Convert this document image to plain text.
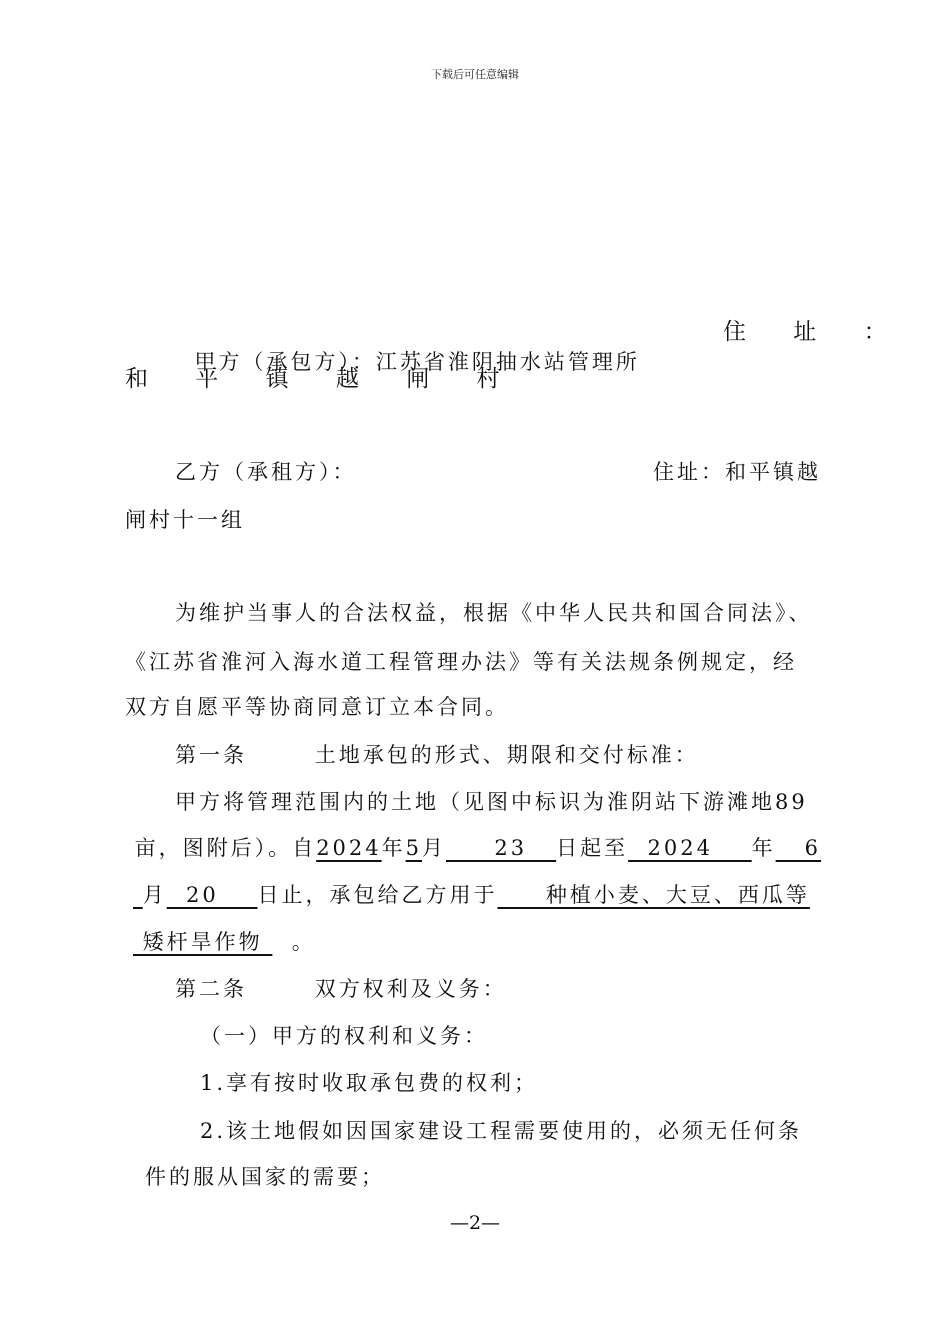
下载后可任意编辑

甲方（承包方）：江苏省淮阴抽水站管理所

住 址 ：
和 平 镇 越 闸 村
乙方（承租方）：	住址：和平镇越
闸村十一组
为维护当事人的合法权益，根据《中华人民共和国合同法》、
《江苏省淮河入海水道工程管理办法》等有关法规条例规定，经
双方自愿平等协商同意订立本合同。
第一条       土地承包的形式、期限和交付标准：
甲方将管理范围内的土地（见图中标识为淮阴站下游滩地89
亩，图附后）。自2024年5月     23   日起至  2024    年   6
月  20    日止，承包给乙方用于     种植小麦、大豆、西瓜等
矮杆旱作物   。
第二条       双方权利及义务：
（一）甲方的权利和义务：
1.享有按时收取承包费的权利；
2.该土地假如因国家建设工程需要使用的，必须无任何条
件的服从国家的需要；
—2—
